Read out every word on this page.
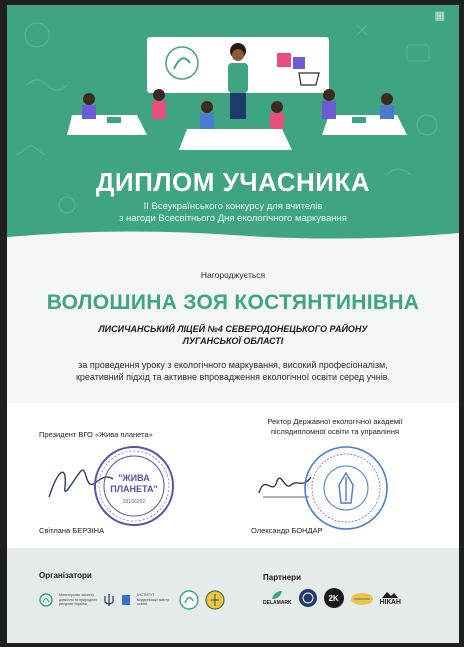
▦
ДИПЛОМ УЧАСНИКА
ІІ Всеукраїнського конкурсу для вчителів
з нагоди Всесвітнього Дня екологічного маркування
Нагороджується
ВОЛОШИНА ЗОЯ КОСТЯНТИНІВНА
ЛИСИЧАНСЬКИЙ ЛІЦЕЙ №4 СЕВЕРОДОНЕЦЬКОГО РАЙОНУ
ЛУГАНСЬКОЇ ОБЛАСТІ
за проведення уроку з екологічного маркування, високий професіоналізм,
креативний підхід та активне впровадження екологічної освіти серед учнів.
Президент ВГО «Жива планета»
Ректор Державної екологічної академії
післядипломної освіти та управління
"ЖИВА
ПЛАНЕТА"
33166292
Світлана БЕРЗІНА	Олександр БОНДАР
Організатори	Партнери
Міністерство захисту довкілля та природних ресурсів України
ІНСТИТУТ модернізації змісту освіти	DELAMARK
2K	НІКАН
